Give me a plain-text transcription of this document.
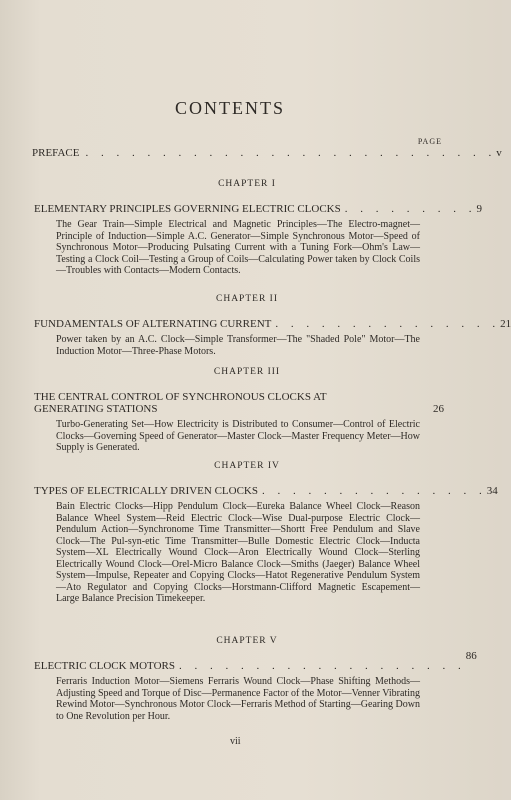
CONTENTS
PAGE
PREFACE . . . . . . . . . . . . . . . . . . . . . . . . . . . v
CHAPTER I
ELEMENTARY PRINCIPLES GOVERNING ELECTRIC CLOCKS . . . . . . . . . 9
The Gear Train—Simple Electrical and Magnetic Principles—The Electro-magnet—Principle of Induction—Simple A.C. Generator—Simple Synchronous Motor—Speed of Synchronous Motor—Producing Pulsating Current with a Tuning Fork—Ohm's Law—Testing a Clock Coil—Testing a Group of Coils—Calculating Power taken by Clock Coils—Troubles with Contacts—Modern Contacts.
CHAPTER II
FUNDAMENTALS OF ALTERNATING CURRENT . . . . . . . . . . . . . . . 21
Power taken by an A.C. Clock—Simple Transformer—The "Shaded Pole" Motor—The Induction Motor—Three-Phase Motors.
CHAPTER III
THE CENTRAL CONTROL OF SYNCHRONOUS CLOCKS AT GENERATING STATIONS	26
Turbo-Generating Set—How Electricity is Distributed to Consumer—Control of Electric Clocks—Governing Speed of Generator—Master Clock—Master Frequency Meter—How Supply is Generated.
CHAPTER IV
TYPES OF ELECTRICALLY DRIVEN CLOCKS . . . . . . . . . . . . . . . 34
Bain Electric Clocks—Hipp Pendulum Clock—Eureka Balance Wheel Clock—Reason Balance Wheel System—Reid Electric Clock—Wise Dual-purpose Electric Clock—Pendulum Action—Synchronome Time Transmitter—Shortt Free Pendulum and Slave Clock—The Pul-syn-etic Time Transmitter—Bulle Domestic Electric Clock—Inducta System—XL Electrically Wound Clock—Aron Electrically Wound Clock—Sterling Electrically Wound Clock—Orel-Micro Balance Clock—Smiths (Jaeger) Balance Wheel System—Impulse, Repeater and Copying Clocks—Hatot Regenerative Pendulum System—Ato Regulator and Copying Clocks—Horstmann-Clifford Magnetic Escapement—Large Balance Precision Timekeeper.
CHAPTER V
ELECTRIC CLOCK MOTORS . . . . . . . . . . . . . . . . . . .
86
Ferraris Induction Motor—Siemens Ferraris Wound Clock—Phase Shifting Methods—Adjusting Speed and Torque of Disc—Permanence Factor of the Motor—Venner Vibrating Rewind Motor—Synchronous Motor Clock—Ferraris Method of Starting—Gearing Down to One Revolution per Hour.
vii
